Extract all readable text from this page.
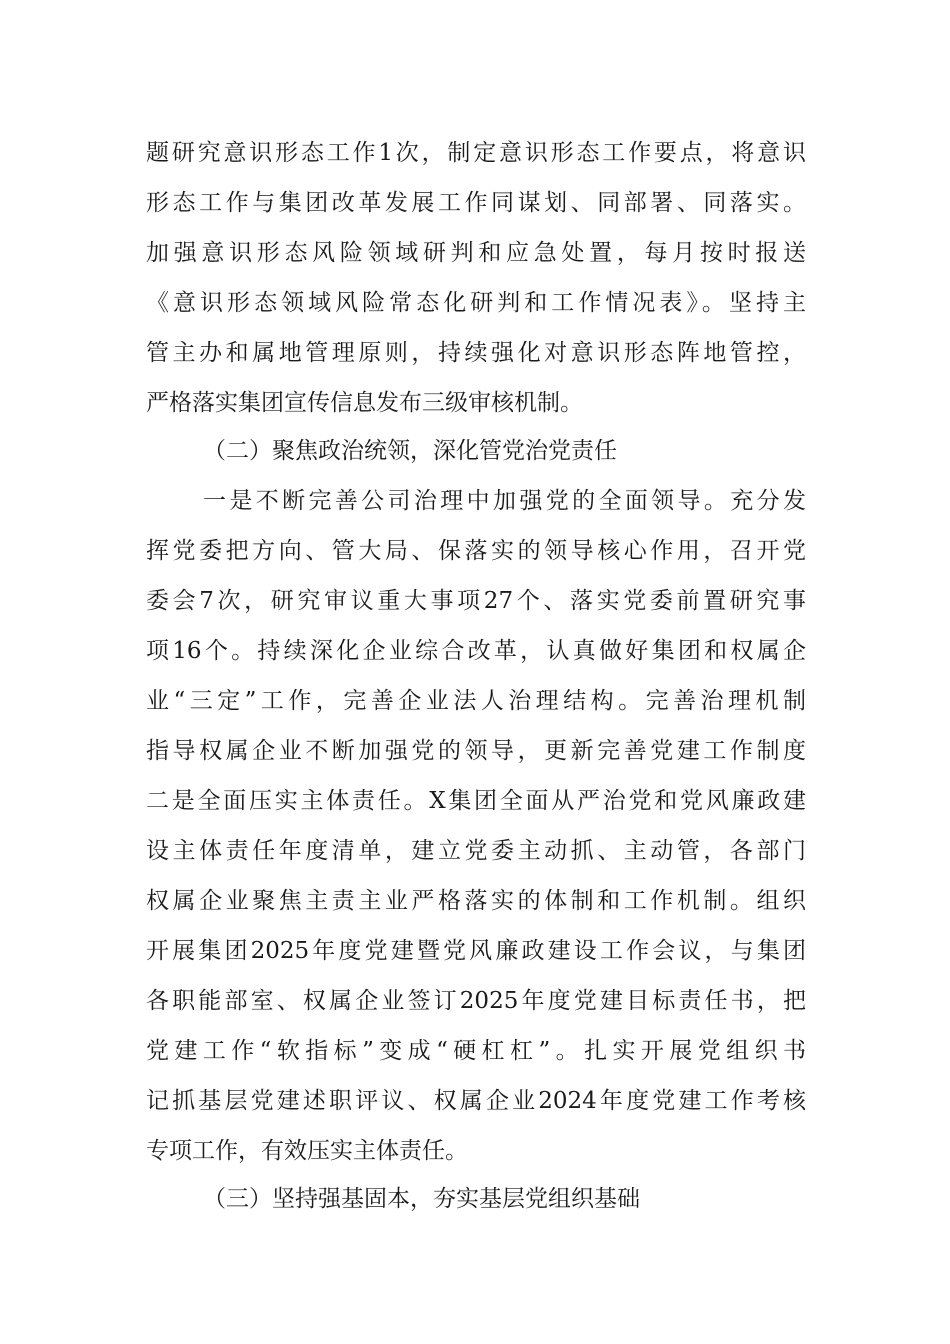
题研究意识形态工作1次，制定意识形态工作要点，将意识
形态工作与集团改革发展工作同谋划、同部署、同落实。
加强意识形态风险领域研判和应急处置，每月按时报送
《意识形态领域风险常态化研判和工作情况表》。坚持主
管主办和属地管理原则，持续强化对意识形态阵地管控，
严格落实集团宣传信息发布三级审核机制。
（二）聚焦政治统领，深化管党治党责任
一是不断完善公司治理中加强党的全面领导。充分发
挥党委把方向、管大局、保落实的领导核心作用，召开党
委会7次，研究审议重大事项27个、落实党委前置研究事
项16个。持续深化企业综合改革，认真做好集团和权属企
业“三定”工作，完善企业法人治理结构。完善治理机制
指导权属企业不断加强党的领导，更新完善党建工作制度
二是全面压实主体责任。X集团全面从严治党和党风廉政建
设主体责任年度清单，建立党委主动抓、主动管，各部门
权属企业聚焦主责主业严格落实的体制和工作机制。组织
开展集团2025年度党建暨党风廉政建设工作会议，与集团
各职能部室、权属企业签订2025年度党建目标责任书，把
党建工作“软指标”变成“硬杠杠”。扎实开展党组织书
记抓基层党建述职评议、权属企业2024年度党建工作考核
专项工作，有效压实主体责任。
（三）坚持强基固本，夯实基层党组织基础
